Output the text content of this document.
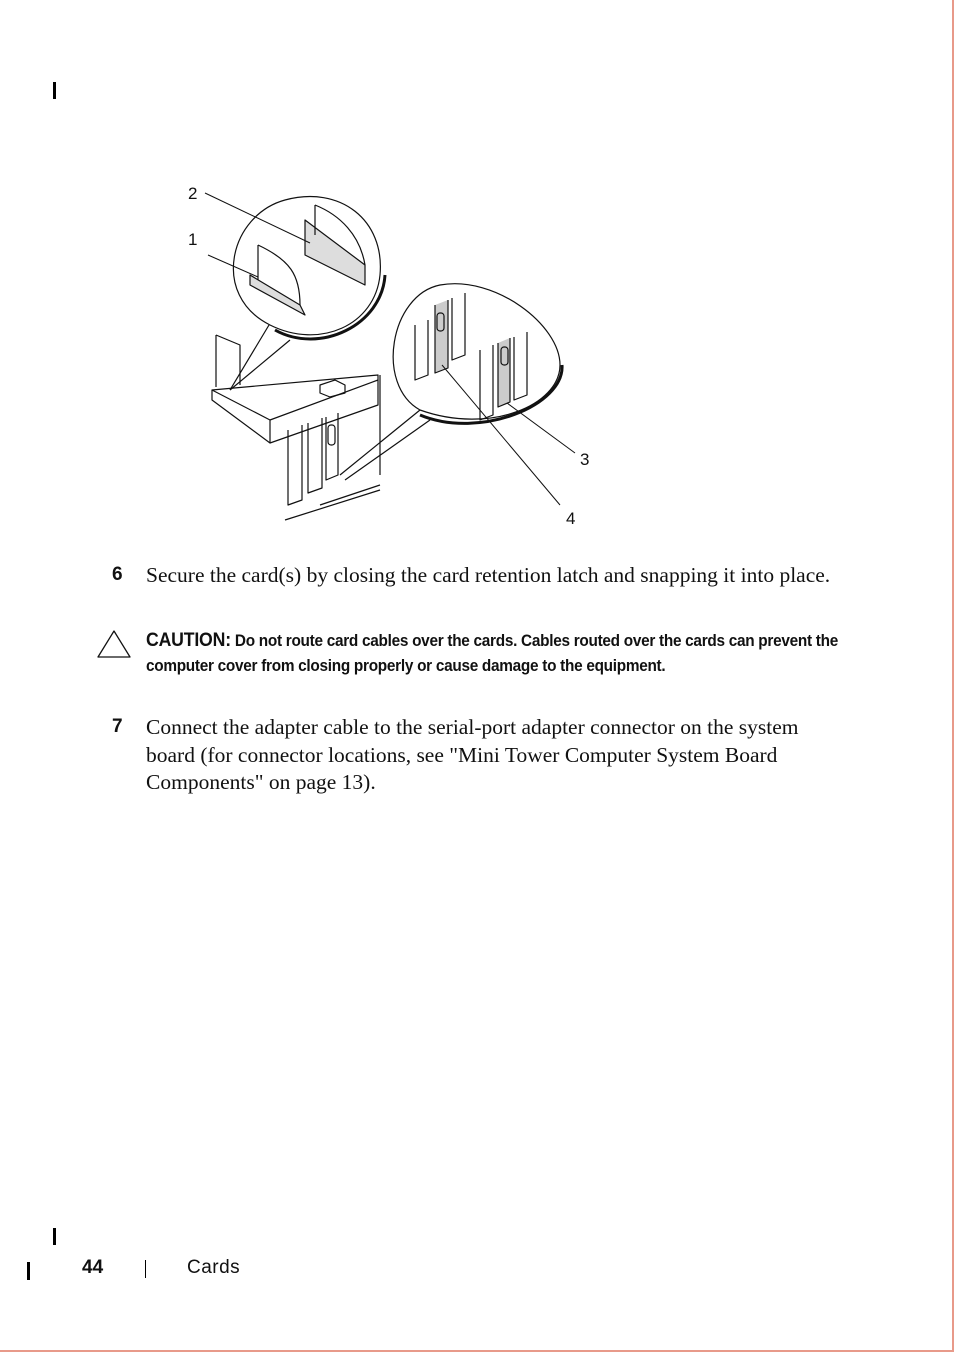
1
2
3
4
6 Secure the card(s) by closing the card retention latch and snapping it into place.
CAUTION: Do not route card cables over the cards. Cables routed over the cards can prevent the computer cover from closing properly or cause damage to the equipment.
7 Connect the adapter cable to the serial-port adapter connector on the system board (for connector locations, see "Mini Tower Computer System Board Components" on page 13).
44	Cards
